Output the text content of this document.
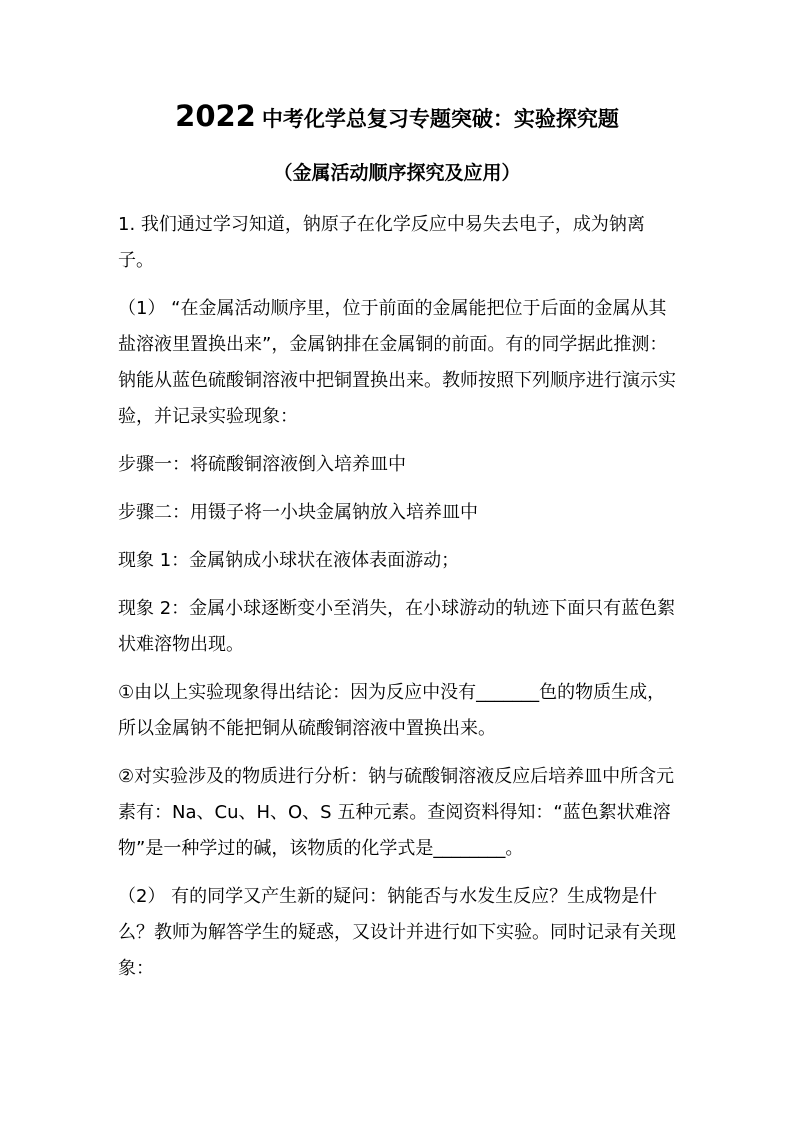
2022 中考化学总复习专题突破：实验探究题
（金属活动顺序探究及应用）

1. 我们通过学习知道，钠原子在化学反应中易失去电子，成为钠离子。

（1） “在金属活动顺序里，位于前面的金属能把位于后面的金属从其盐溶液里置换出来”，金属钠排在金属铜的前面。有的同学据此推测：钠能从蓝色硫酸铜溶液中把铜置换出来。教师按照下列顺序进行演示实验，并记录实验现象：

步骤一：将硫酸铜溶液倒入培养皿中

步骤二：用镊子将一小块金属钠放入培养皿中

现象 1：金属钠成小球状在液体表面游动；

现象 2：金属小球逐断变小至消失，在小球游动的轨迹下面只有蓝色絮状难溶物出现。

①由以上实验现象得出结论：因为反应中没有_______色的物质生成，所以金属钠不能把铜从硫酸铜溶液中置换出来。

②对实验涉及的物质进行分析：钠与硫酸铜溶液反应后培养皿中所含元素有：Na、Cu、H、O、S 五种元素。查阅资料得知：“蓝色絮状难溶物”是一种学过的碱，该物质的化学式是________。

（2） 有的同学又产生新的疑问：钠能否与水发生反应？生成物是什么？教师为解答学生的疑惑，又设计并进行如下实验。同时记录有关现象：
